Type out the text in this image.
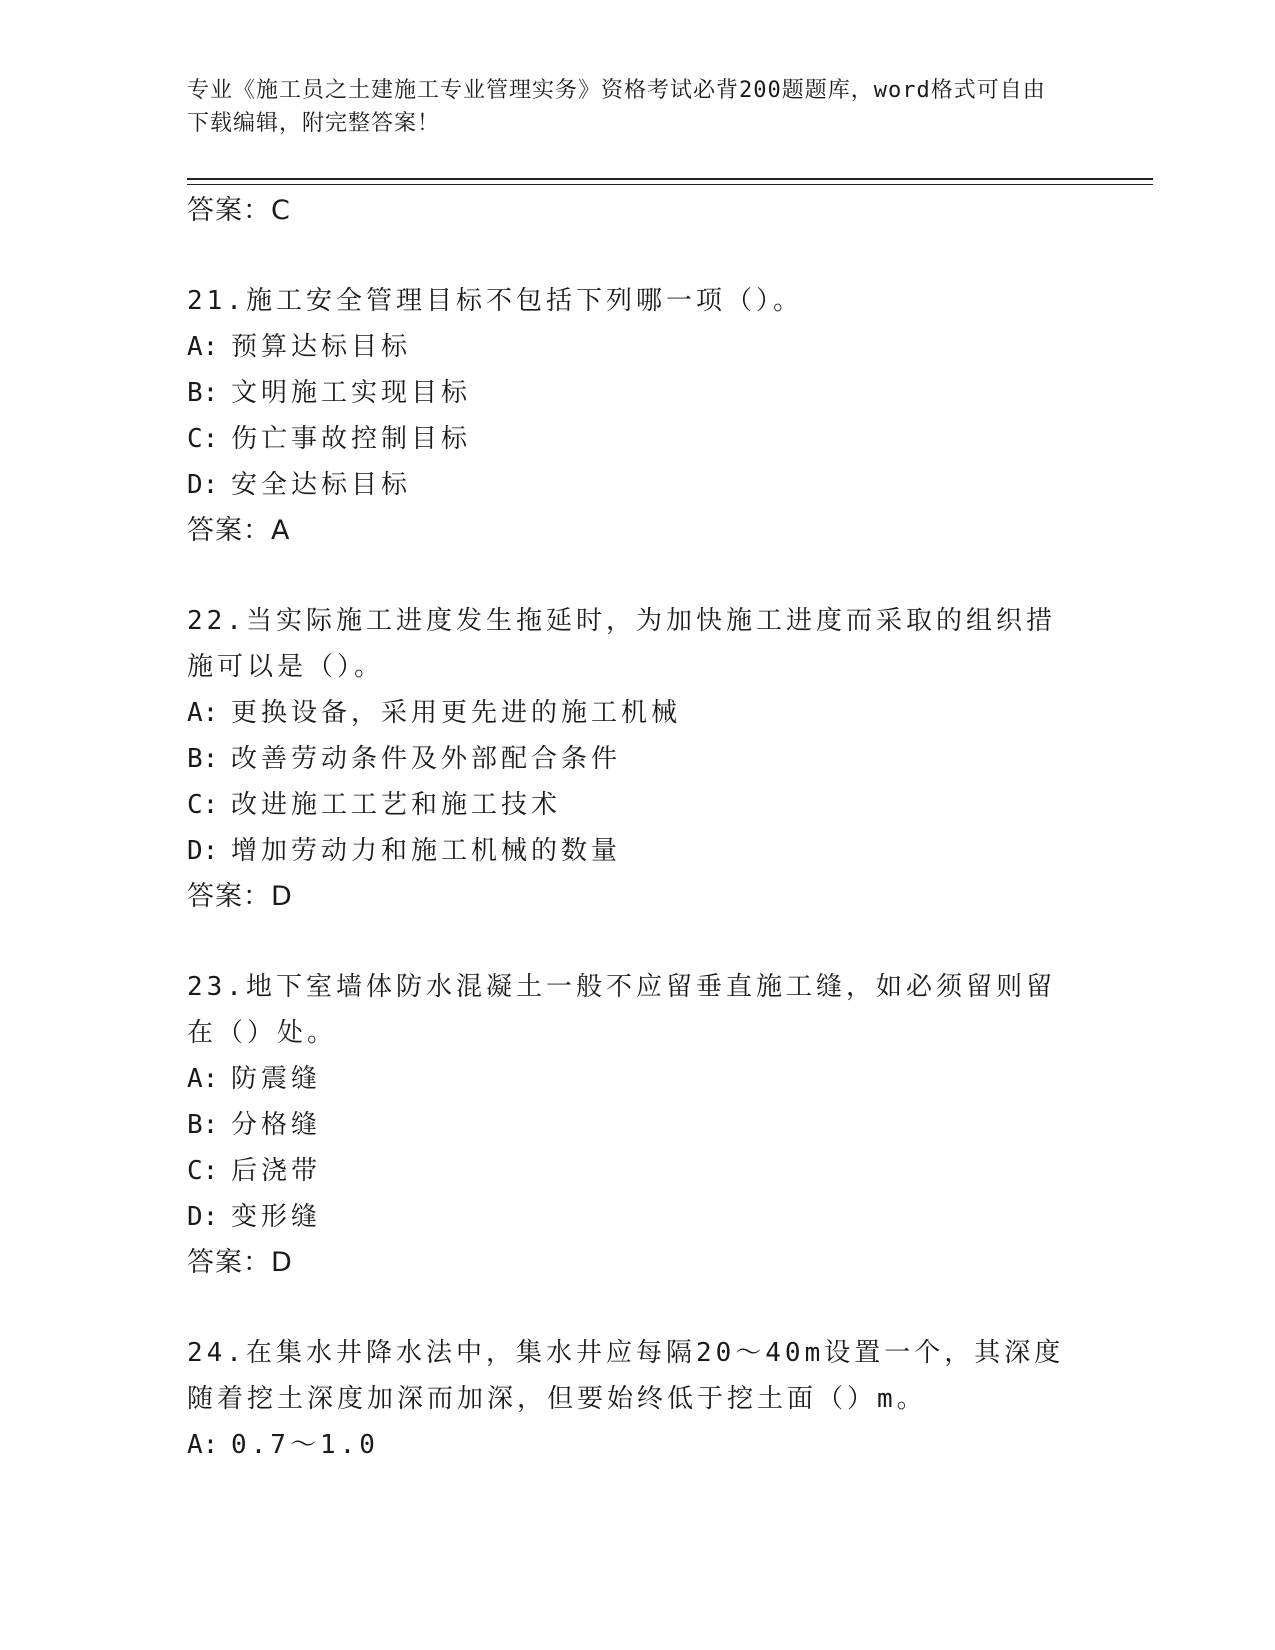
专业《施工员之土建施工专业管理实务》资格考试必背200题题库，word格式可自由下载编辑，附完整答案！
答案：C
21.施工安全管理目标不包括下列哪一项（）。
A: 预算达标目标
B: 文明施工实现目标
C: 伤亡事故控制目标
D: 安全达标目标
答案：A
22.当实际施工进度发生拖延时，为加快施工进度而采取的组织措施可以是（）。
A: 更换设备，采用更先进的施工机械
B: 改善劳动条件及外部配合条件
C: 改进施工工艺和施工技术
D: 增加劳动力和施工机械的数量
答案：D
23.地下室墙体防水混凝土一般不应留垂直施工缝，如必须留则留在（）处。
A: 防震缝
B: 分格缝
C: 后浇带
D: 变形缝
答案：D
24.在集水井降水法中，集水井应每隔20～40m设置一个，其深度随着挖土深度加深而加深，但要始终低于挖土面（）m。
A: 0.7～1.0
